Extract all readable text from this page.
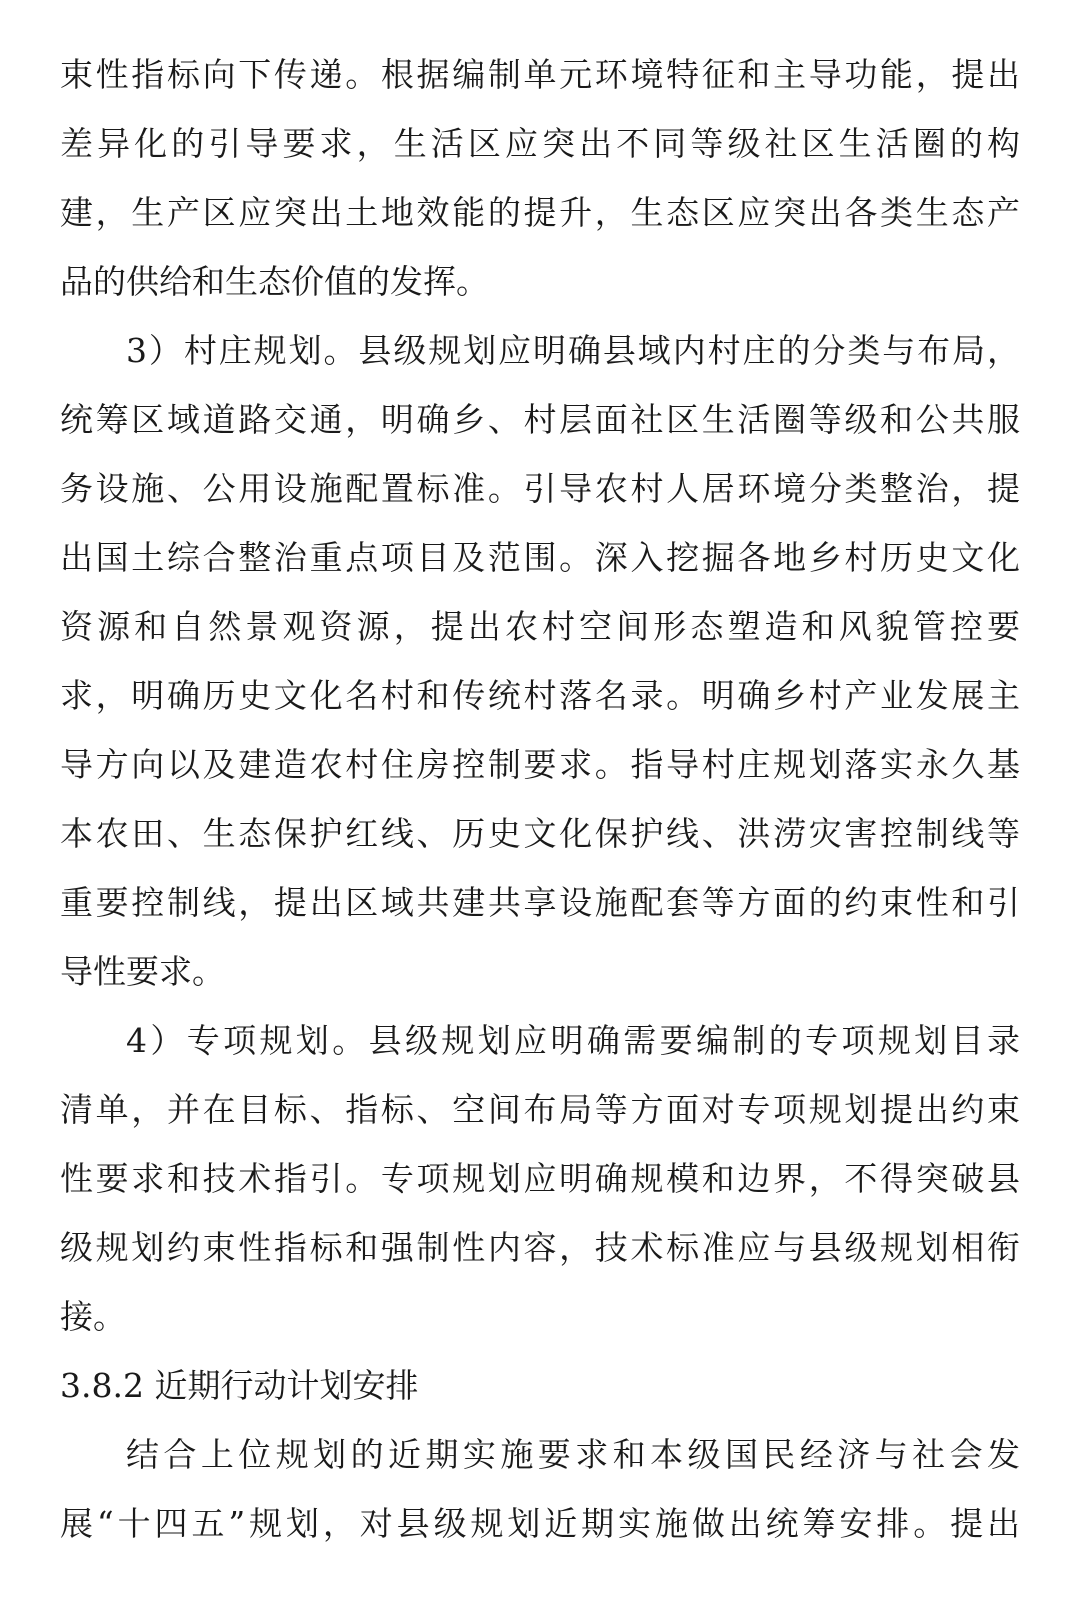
束性指标向下传递。根据编制单元环境特征和主导功能，提出
差异化的引导要求，生活区应突出不同等级社区生活圈的构
建，生产区应突出土地效能的提升，生态区应突出各类生态产
品的供给和生态价值的发挥。
3）村庄规划。县级规划应明确县域内村庄的分类与布局，
统筹区域道路交通，明确乡、村层面社区生活圈等级和公共服
务设施、公用设施配置标准。引导农村人居环境分类整治，提
出国土综合整治重点项目及范围。深入挖掘各地乡村历史文化
资源和自然景观资源，提出农村空间形态塑造和风貌管控要
求，明确历史文化名村和传统村落名录。明确乡村产业发展主
导方向以及建造农村住房控制要求。指导村庄规划落实永久基
本农田、生态保护红线、历史文化保护线、洪涝灾害控制线等
重要控制线，提出区域共建共享设施配套等方面的约束性和引
导性要求。
4）专项规划。县级规划应明确需要编制的专项规划目录
清单，并在目标、指标、空间布局等方面对专项规划提出约束
性要求和技术指引。专项规划应明确规模和边界，不得突破县
级规划约束性指标和强制性内容，技术标准应与县级规划相衔
接。
3.8.2 近期行动计划安排
结合上位规划的近期实施要求和本级国民经济与社会发
展“十四五”规划，对县级规划近期实施做出统筹安排。提出
